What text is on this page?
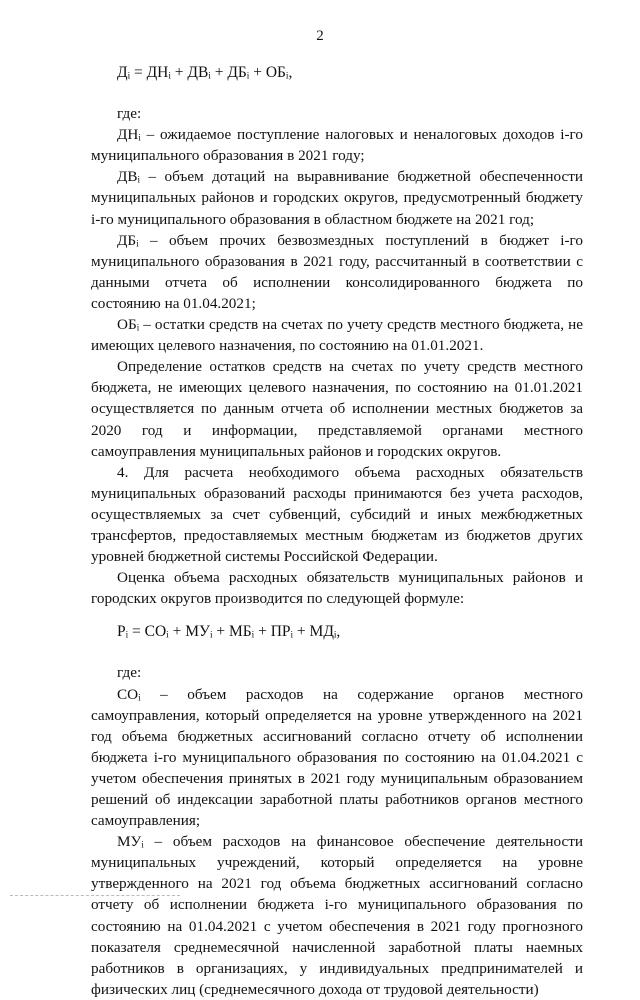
2
Дᵢ = ДНᵢ + ДВᵢ + ДБᵢ + ОБᵢ,

где:

ДНᵢ – ожидаемое поступление налоговых и неналоговых доходов i-го муниципального образования в 2021 году;

ДВᵢ – объем дотаций на выравнивание бюджетной обеспеченности муниципальных районов и городских округов, предусмотренный бюджету i-го муниципального образования в областном бюджете на 2021 год;

ДБᵢ – объем прочих безвозмездных поступлений в бюджет i-го муниципального образования в 2021 году, рассчитанный в соответствии с данными отчета об исполнении консолидированного бюджета по состоянию на 01.04.2021;

ОБᵢ – остатки средств на счетах по учету средств местного бюджета, не имеющих целевого назначения, по состоянию на 01.01.2021.

Определение остатков средств на счетах по учету средств местного бюджета, не имеющих целевого назначения, по состоянию на 01.01.2021 осуществляется по данным отчета об исполнении местных бюджетов за 2020 год и информации, представляемой органами местного самоуправления муниципальных районов и городских округов.

4. Для расчета необходимого объема расходных обязательств муниципальных образований расходы принимаются без учета расходов, осуществляемых за счет субвенций, субсидий и иных межбюджетных трансфертов, предоставляемых местным бюджетам из бюджетов других уровней бюджетной системы Российской Федерации.

Оценка объема расходных обязательств муниципальных районов и городских округов производится по следующей формуле:

Рᵢ = СОᵢ + МУᵢ + МБᵢ + ПРᵢ + МДᵢ,

где:

СОᵢ – объем расходов на содержание органов местного самоуправления, который определяется на уровне утвержденного на 2021 год объема бюджетных ассигнований согласно отчету об исполнении бюджета i-го муниципального образования по состоянию на 01.04.2021 с учетом обеспечения принятых в 2021 году муниципальным образованием решений об индексации заработной платы работников органов местного самоуправления;

МУᵢ – объем расходов на финансовое обеспечение деятельности муниципальных учреждений, который определяется на уровне утвержденного на 2021 год объема бюджетных ассигнований согласно отчету об исполнении бюджета i-го муниципального образования по состоянию на 01.04.2021 с учетом обеспечения в 2021 году прогнозного показателя среднемесячной начисленной заработной платы наемных работников в организациях, у индивидуальных предпринимателей и физических лиц (среднемесячного дохода от трудовой деятельности)
